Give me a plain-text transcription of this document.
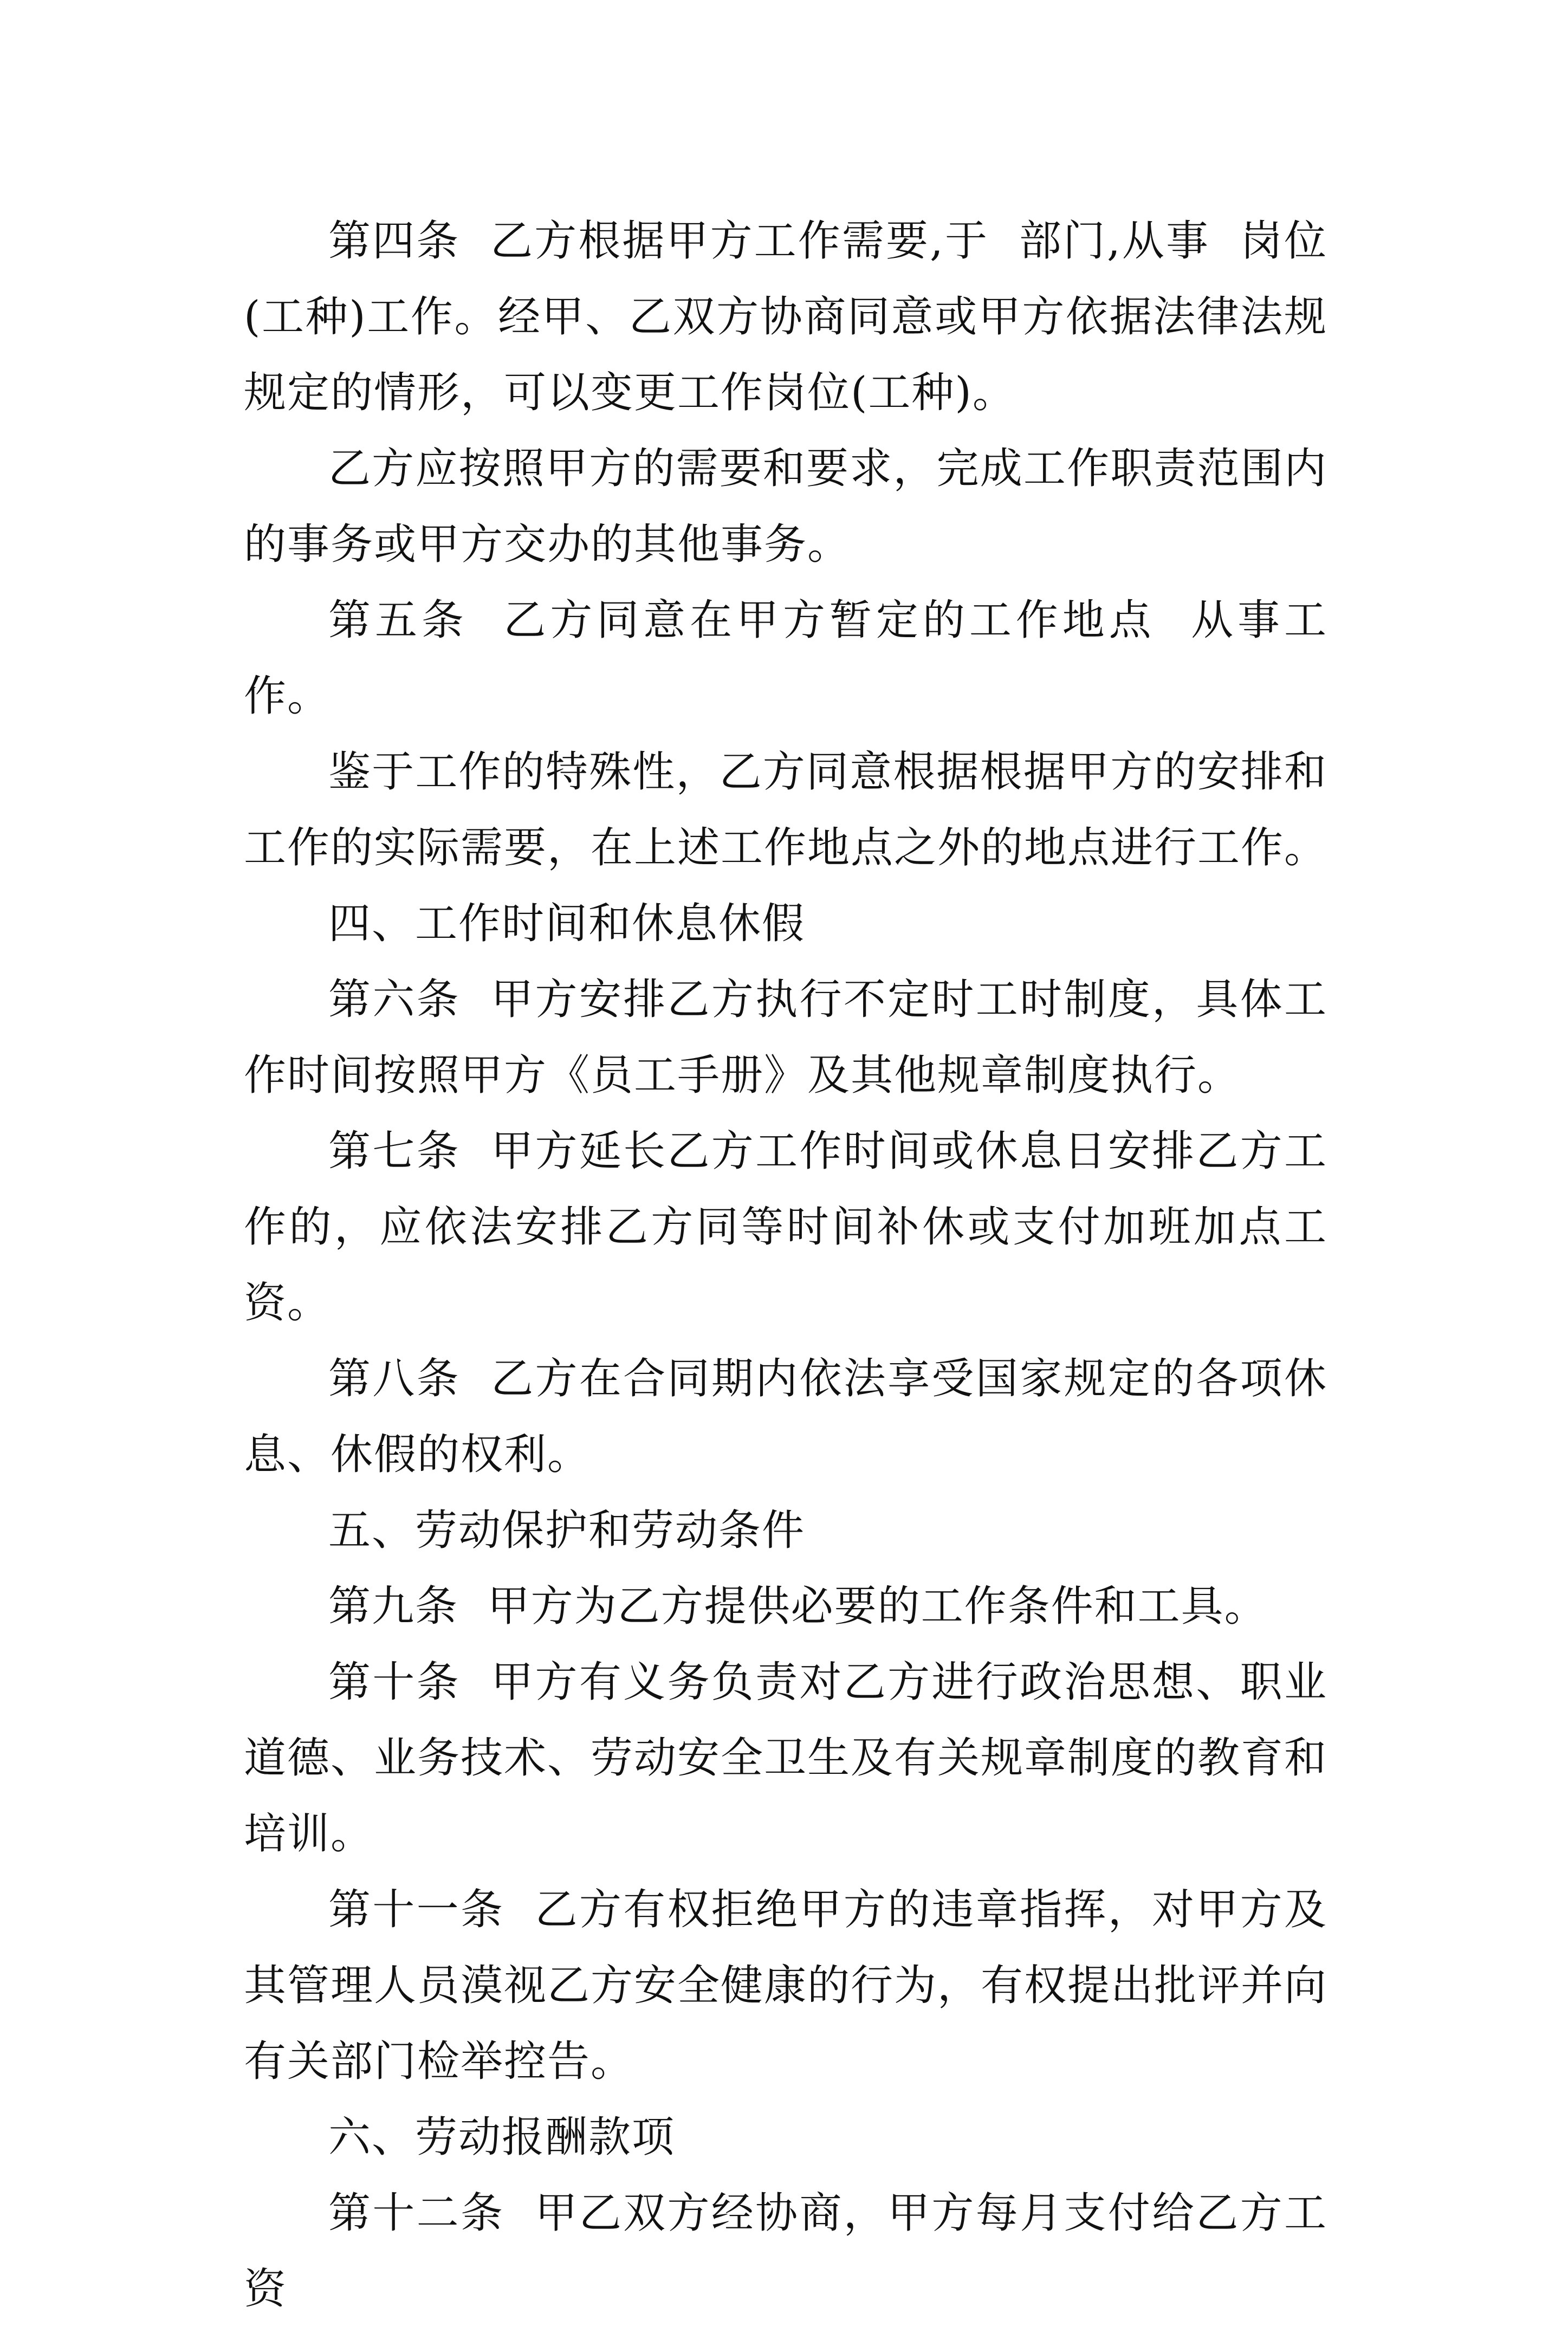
第四条  乙方根据甲方工作需要,于  部门,从事  岗位(工种)工作。经甲、乙双方协商同意或甲方依据法律法规规定的情形，可以变更工作岗位(工种)。

乙方应按照甲方的需要和要求，完成工作职责范围内的事务或甲方交办的其他事务。

第五条  乙方同意在甲方暂定的工作地点  从事工作。

鉴于工作的特殊性，乙方同意根据根据甲方的安排和工作的实际需要，在上述工作地点之外的地点进行工作。

四、工作时间和休息休假

第六条  甲方安排乙方执行不定时工时制度，具体工作时间按照甲方《员工手册》及其他规章制度执行。

第七条  甲方延长乙方工作时间或休息日安排乙方工作的，应依法安排乙方同等时间补休或支付加班加点工资。

第八条  乙方在合同期内依法享受国家规定的各项休息、休假的权利。

五、劳动保护和劳动条件

第九条  甲方为乙方提供必要的工作条件和工具。

第十条  甲方有义务负责对乙方进行政治思想、职业道德、业务技术、劳动安全卫生及有关规章制度的教育和培训。

第十一条  乙方有权拒绝甲方的违章指挥，对甲方及其管理人员漠视乙方安全健康的行为，有权提出批评并向有关部门检举控告。

六、劳动报酬款项

第十二条  甲乙双方经协商，甲方每月支付给乙方工资
